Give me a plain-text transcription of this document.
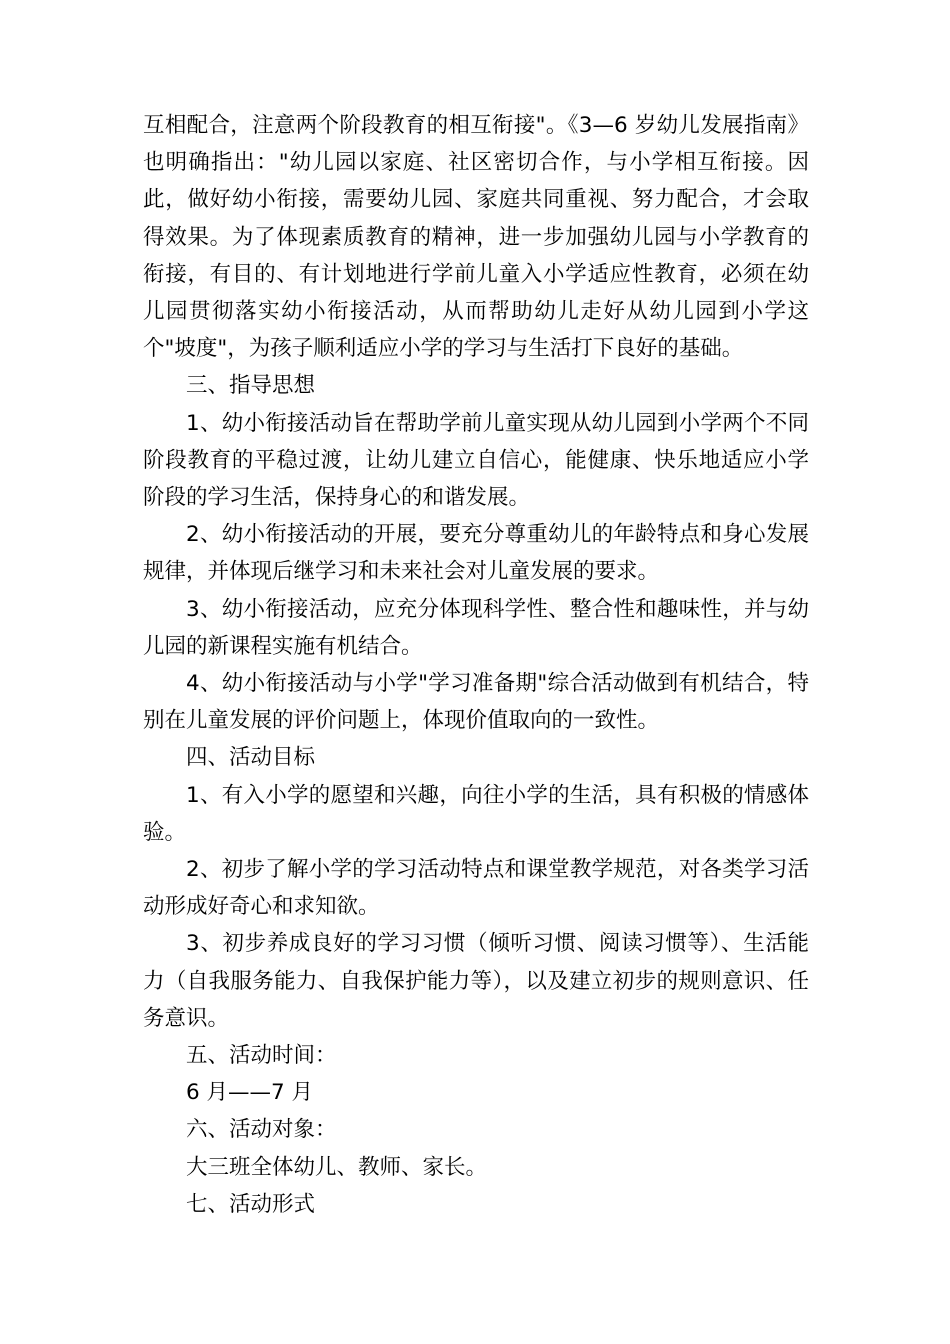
互相配合，注意两个阶段教育的相互衔接"。《3—6 岁幼儿发展指南》也明确指出："幼儿园以家庭、社区密切合作，与小学相互衔接。因此，做好幼小衔接，需要幼儿园、家庭共同重视、努力配合，才会取得效果。为了体现素质教育的精神，进一步加强幼儿园与小学教育的衔接，有目的、有计划地进行学前儿童入小学适应性教育，必须在幼儿园贯彻落实幼小衔接活动，从而帮助幼儿走好从幼儿园到小学这个"坡度"，为孩子顺利适应小学的学习与生活打下良好的基础。

三、指导思想

1、幼小衔接活动旨在帮助学前儿童实现从幼儿园到小学两个不同阶段教育的平稳过渡，让幼儿建立自信心，能健康、快乐地适应小学阶段的学习生活，保持身心的和谐发展。

2、幼小衔接活动的开展，要充分尊重幼儿的年龄特点和身心发展规律，并体现后继学习和未来社会对儿童发展的要求。

3、幼小衔接活动，应充分体现科学性、整合性和趣味性，并与幼儿园的新课程实施有机结合。

4、幼小衔接活动与小学"学习准备期"综合活动做到有机结合，特别在儿童发展的评价问题上，体现价值取向的一致性。

四、活动目标

1、有入小学的愿望和兴趣，向往小学的生活，具有积极的情感体验。

2、初步了解小学的学习活动特点和课堂教学规范，对各类学习活动形成好奇心和求知欲。

3、初步养成良好的学习习惯（倾听习惯、阅读习惯等）、生活能力（自我服务能力、自我保护能力等），以及建立初步的规则意识、任务意识。

五、活动时间：

6 月——7 月

六、活动对象：

大三班全体幼儿、教师、家长。

七、活动形式
